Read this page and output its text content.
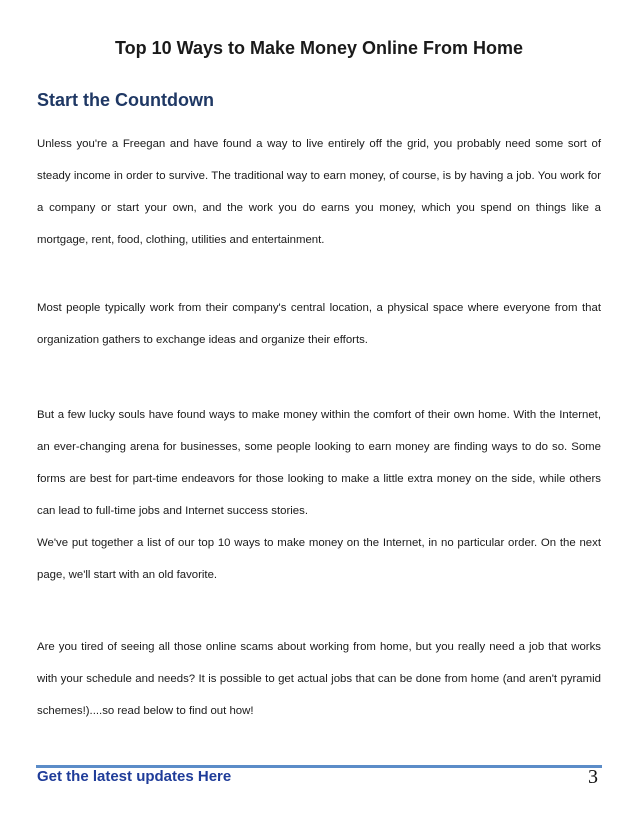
Top 10 Ways to Make Money Online From Home
Start the Countdown

Unless you're a Freegan and have found a way to live entirely off the grid, you probably need some sort of steady income in order to survive. The traditional way to earn money, of course, is by having a job. You work for a company or start your own, and the work you do earns you money, which you spend on things like a mortgage, rent, food, clothing, utilities and entertainment.

Most people typically work from their company's central location, a physical space where everyone from that organization gathers to exchange ideas and organize their efforts.

But a few lucky souls have found ways to make money within the comfort of their own home. With the Internet, an ever-changing arena for businesses, some people looking to earn money are finding ways to do so. Some forms are best for part-time endeavors for those looking to make a little extra money on the side, while others can lead to full-time jobs and Internet success stories.

We've put together a list of our top 10 ways to make money on the Internet, in no particular order. On the next page, we'll start with an old favorite.

Are you tired of seeing all those online scams about working from home, but you really need a job that works with your schedule and needs? It is possible to get actual jobs that can be done from home (and aren't pyramid schemes!)....so read below to find out how!

Get the latest updates Here	3
